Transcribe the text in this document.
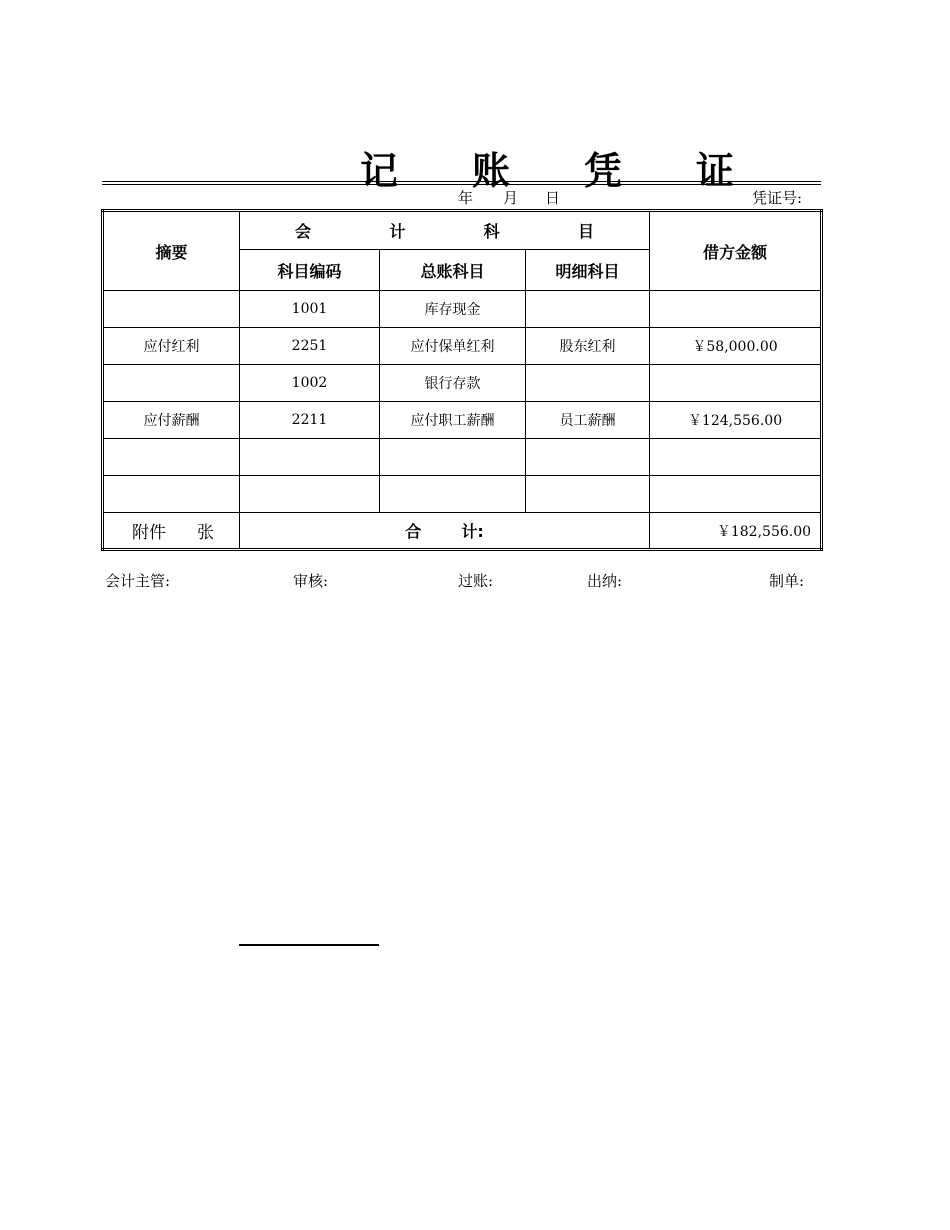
记 账 凭 证
年 月 日	凭证号:
摘要	会 计 科 目			借方金额
	科目编码	总账科目	明细科目	
	1001	库存现金		
应付红利	2251	应付保单红利	股东红利	￥58,000.00
	1002	银行存款		
应付薪酬	2211	应付职工薪酬	员工薪酬	￥124,556.00

附件 张	合 计:			￥182,556.00
会计主管:	审核:	过账:	出纳:	制单:
